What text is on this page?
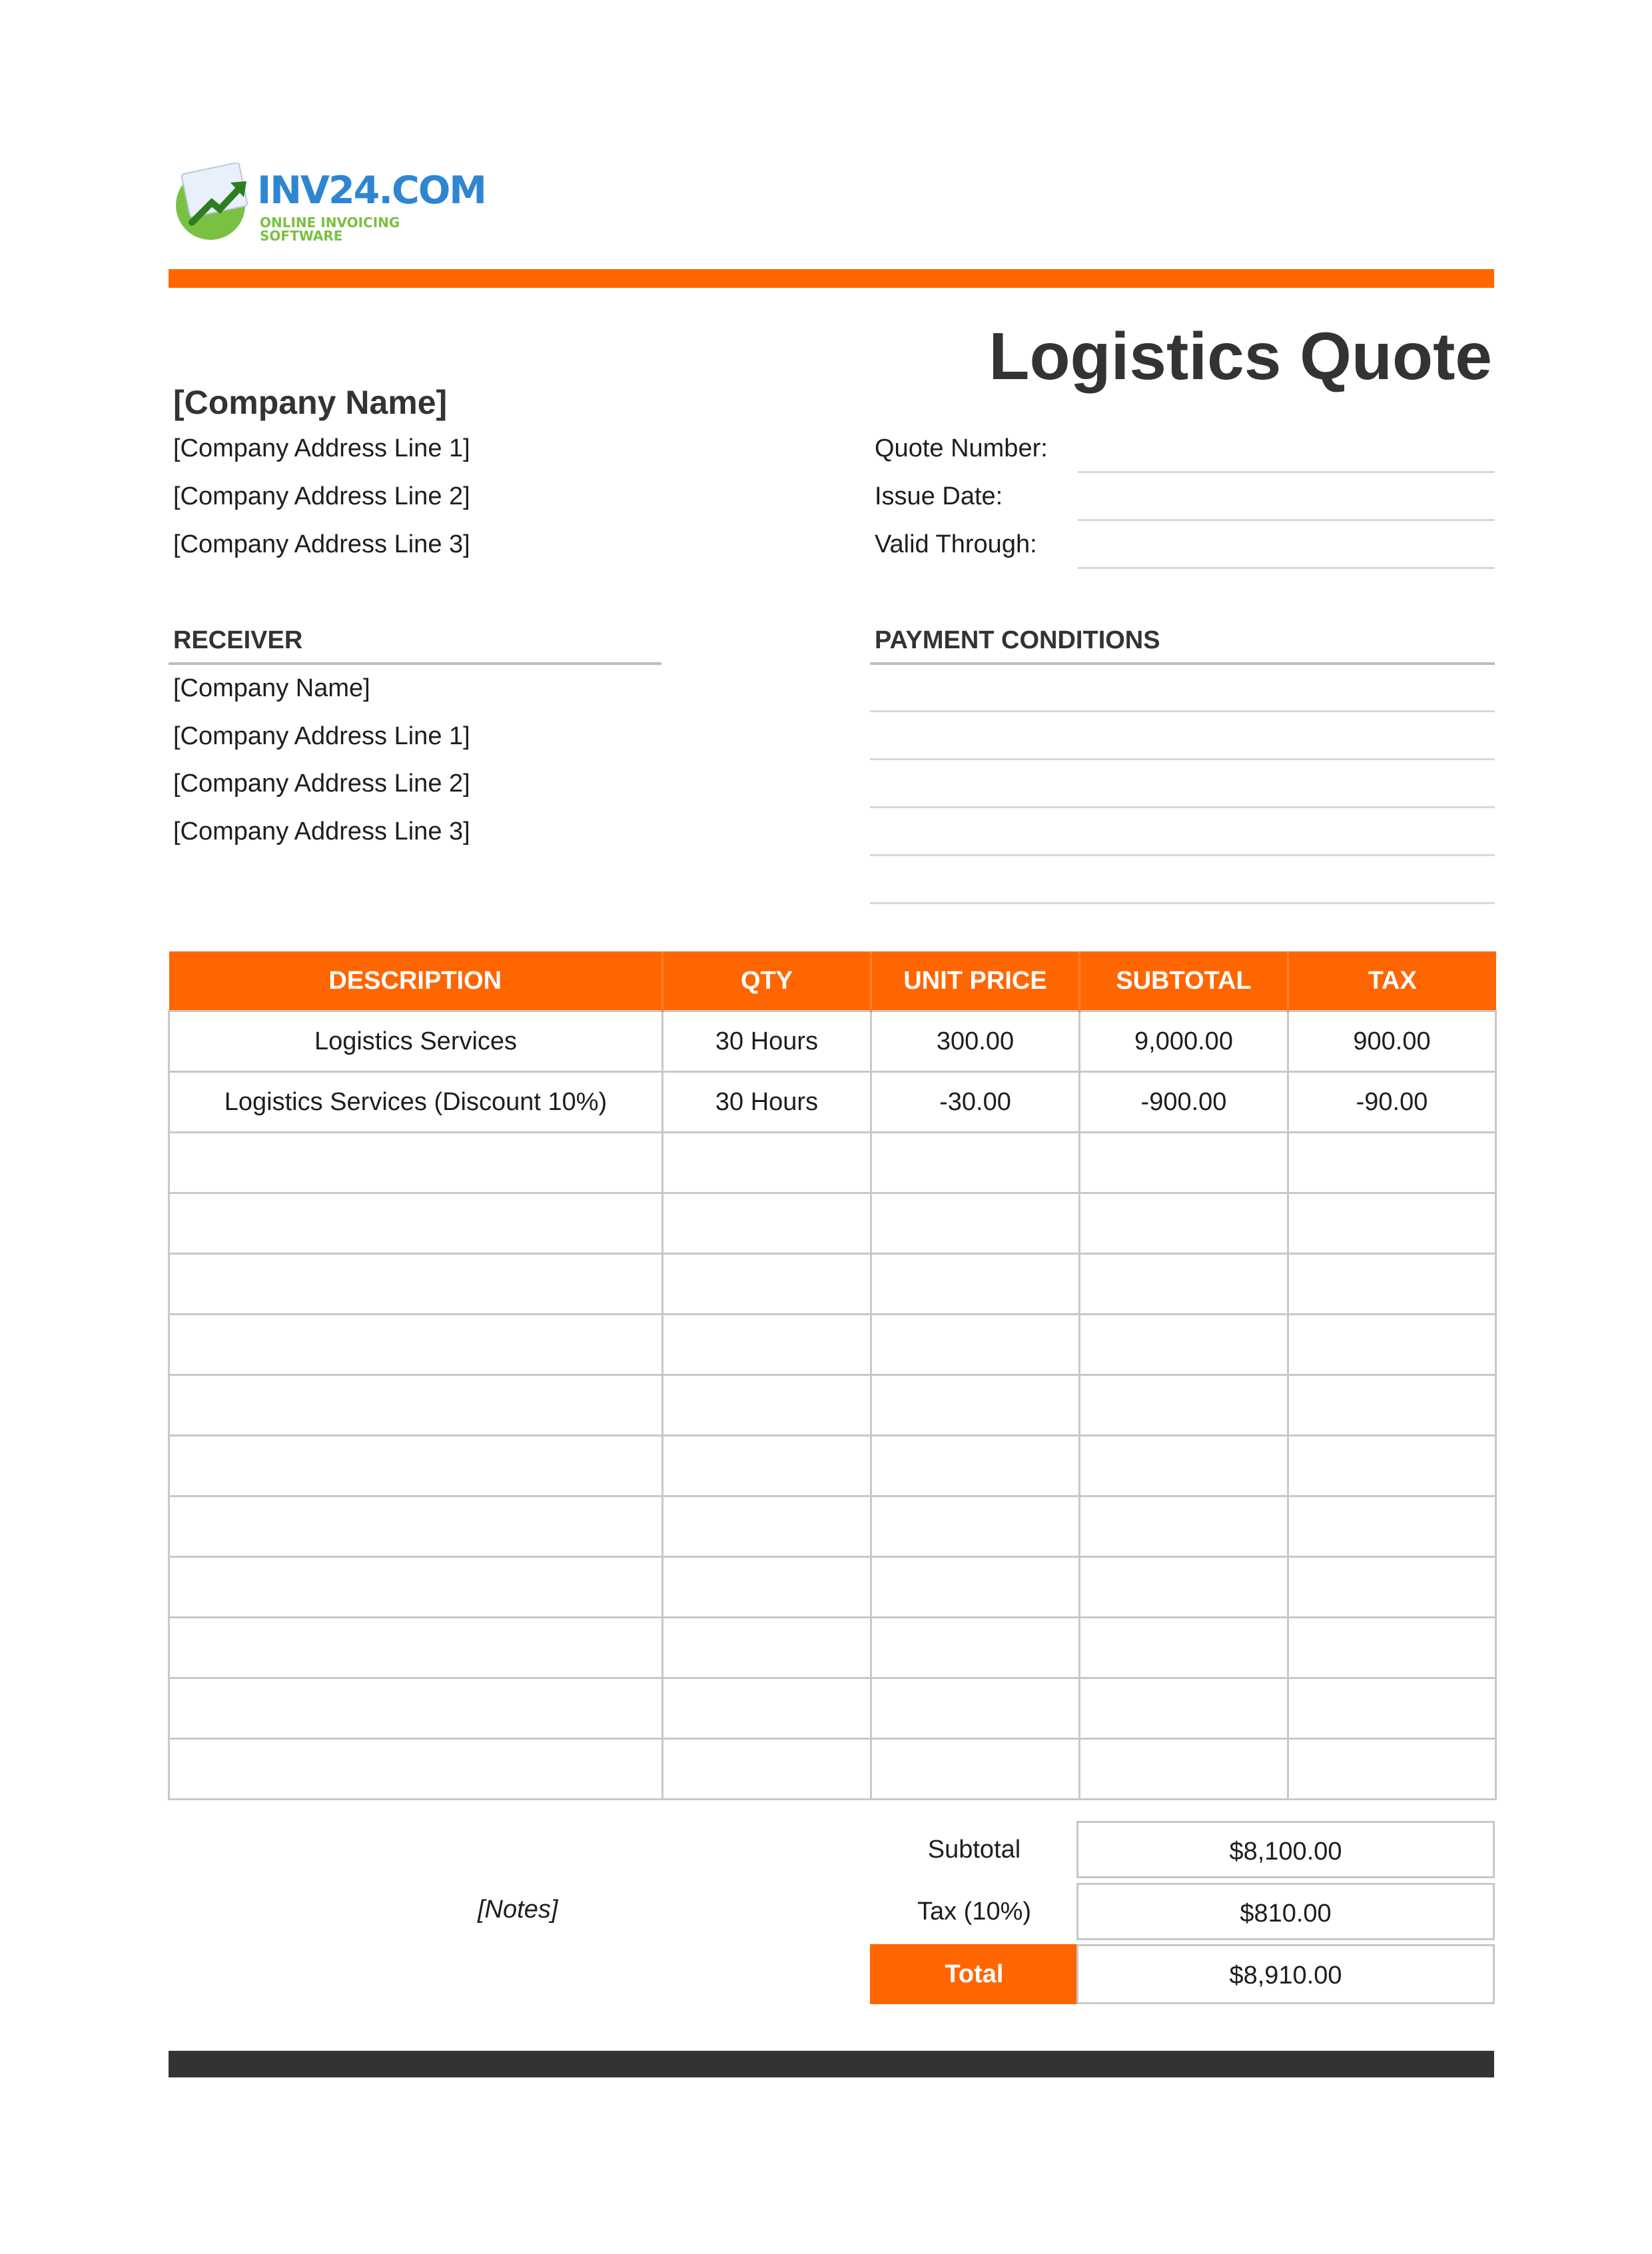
INV24.COM
ONLINE INVOICING SOFTWARE
Logistics Quote
[Company Name]
[Company Address Line 1]
[Company Address Line 2]
[Company Address Line 3]
Quote Number:
Issue Date:
Valid Through:
RECEIVER
[Company Name]
[Company Address Line 1]
[Company Address Line 2]
[Company Address Line 3]
PAYMENT CONDITIONS
DESCRIPTION	QTY	UNIT PRICE	SUBTOTAL	TAX
Logistics Services	30 Hours	300.00	9,000.00	900.00
Logistics Services (Discount 10%)	30 Hours	-30.00	-900.00	-90.00

[Notes]
Subtotal	$8,100.00
Tax (10%)	$810.00
Total	$8,910.00
